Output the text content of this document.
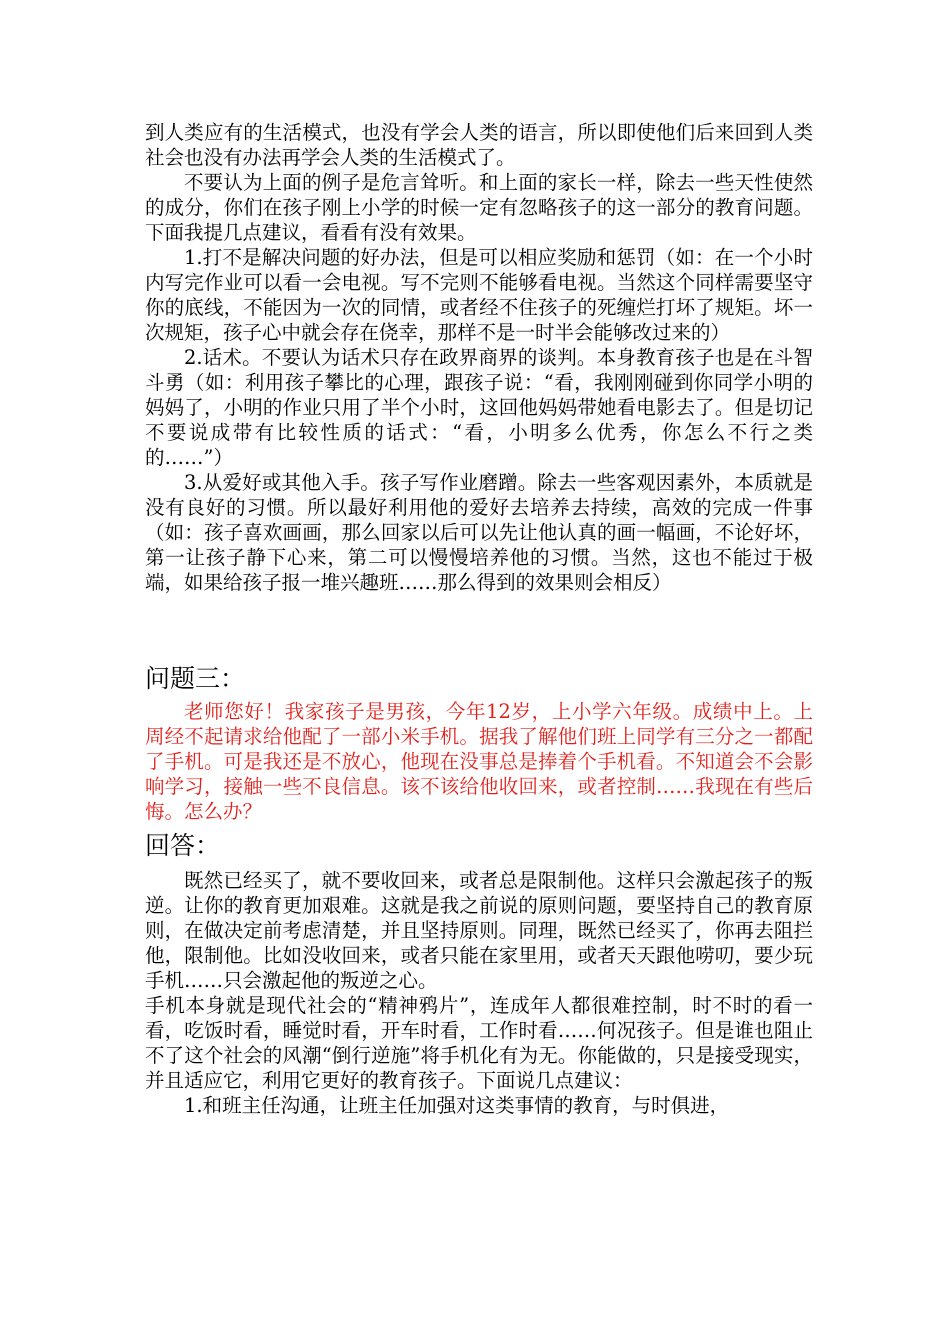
到人类应有的生活模式，也没有学会人类的语言，所以即使他们后来回到人类社会也没有办法再学会人类的生活模式了。

不要认为上面的例子是危言耸听。和上面的家长一样，除去一些天性使然的成分，你们在孩子刚上小学的时候一定有忽略孩子的这一部分的教育问题。下面我提几点建议，看看有没有效果。

1.打不是解决问题的好办法，但是可以相应奖励和惩罚（如：在一个小时内写完作业可以看一会电视。写不完则不能够看电视。当然这个同样需要坚守你的底线，不能因为一次的同情，或者经不住孩子的死缠烂打坏了规矩。坏一次规矩，孩子心中就会存在侥幸，那样不是一时半会能够改过来的）

2.话术。不要认为话术只存在政界商界的谈判。本身教育孩子也是在斗智斗勇（如：利用孩子攀比的心理，跟孩子说：“看，我刚刚碰到你同学小明的妈妈了，小明的作业只用了半个小时，这回他妈妈带她看电影去了。但是切记不要说成带有比较性质的话式：“看，小明多么优秀，你怎么不行之类的……”）

3.从爱好或其他入手。孩子写作业磨蹭。除去一些客观因素外，本质就是没有良好的习惯。所以最好利用他的爱好去培养去持续，高效的完成一件事（如：孩子喜欢画画，那么回家以后可以先让他认真的画一幅画，不论好坏，第一让孩子静下心来，第二可以慢慢培养他的习惯。当然，这也不能过于极端，如果给孩子报一堆兴趣班……那么得到的效果则会相反）

问题三：

老师您好！我家孩子是男孩，今年12岁，上小学六年级。成绩中上。上周经不起请求给他配了一部小米手机。据我了解他们班上同学有三分之一都配了手机。可是我还是不放心，他现在没事总是捧着个手机看。不知道会不会影响学习，接触一些不良信息。该不该给他收回来，或者控制……我现在有些后悔。怎么办？

回答：

既然已经买了，就不要收回来，或者总是限制他。这样只会激起孩子的叛逆。让你的教育更加艰难。这就是我之前说的原则问题，要坚持自己的教育原则，在做决定前考虑清楚，并且坚持原则。同理，既然已经买了，你再去阻拦他，限制他。比如没收回来，或者只能在家里用，或者天天跟他唠叨，要少玩手机……只会激起他的叛逆之心。

手机本身就是现代社会的“精神鸦片”，连成年人都很难控制，时不时的看一看，吃饭时看，睡觉时看，开车时看，工作时看……何况孩子。但是谁也阻止不了这个社会的风潮“倒行逆施”将手机化有为无。你能做的，只是接受现实，并且适应它，利用它更好的教育孩子。下面说几点建议：

1.和班主任沟通，让班主任加强对这类事情的教育，与时俱进，
